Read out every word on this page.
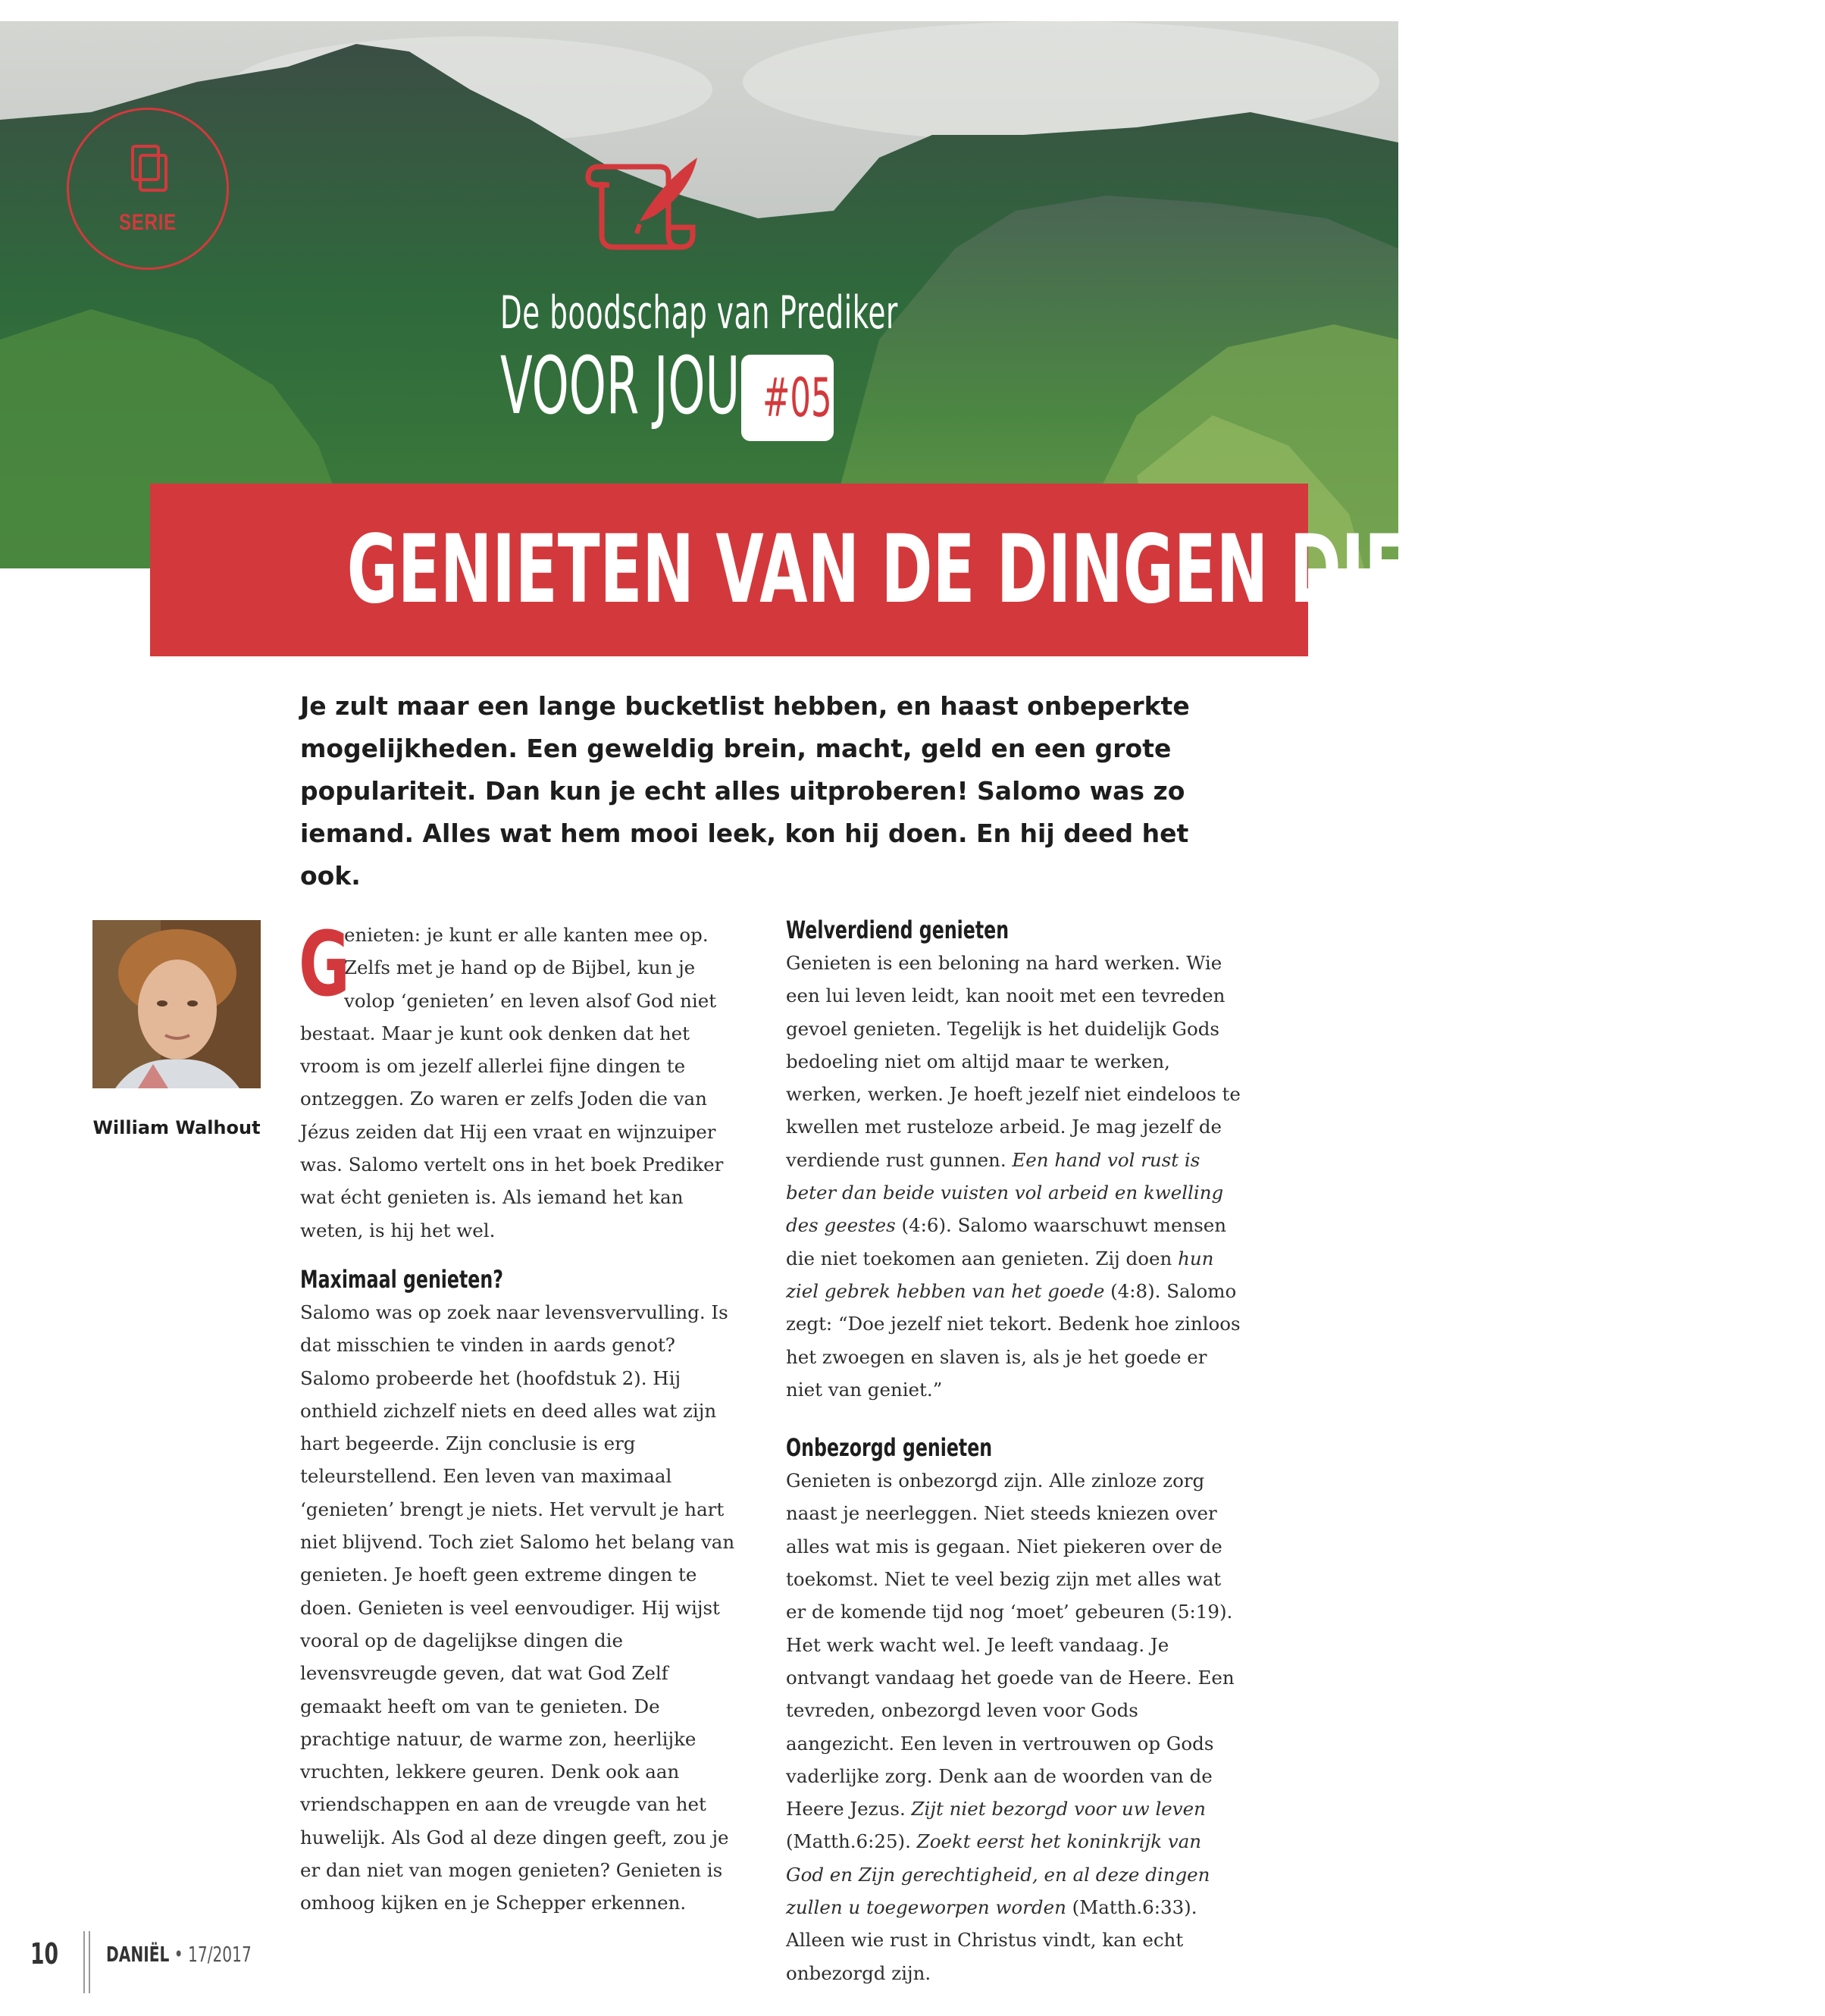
SERIE
De boodschap van Prediker
VOOR JOU #05
GENIETEN VAN DE DINGEN DIE GOD GEEFT
Je zult maar een lange bucketlist hebben, en haast onbeperkte mogelijkheden. Een geweldig brein, macht, geld en een grote populariteit. Dan kun je echt alles uitproberen! Salomo was zo iemand. Alles wat hem mooi leek, kon hij doen. En hij deed het ook.
William Walhout

G
enieten: je kunt er alle kanten mee op. Zelfs met je hand op de Bijbel, kun je volop ‘genieten’ en leven alsof God niet bestaat. Maar je kunt ook denken dat het vroom is om jezelf allerlei fijne dingen te ontzeggen. Zo waren er zelfs Joden die van Jézus zeiden dat Hij een vraat en wijnzuiper was. Salomo vertelt ons in het boek Prediker wat écht genieten is. Als iemand het kan weten, is hij het wel.

Maximaal genieten?

Salomo was op zoek naar levensvervulling. Is dat misschien te vinden in aards genot? Salomo probeerde het (hoofdstuk 2). Hij onthield zichzelf niets en deed alles wat zijn hart begeerde. Zijn conclusie is erg teleurstellend. Een leven van maximaal ‘genieten’ brengt je niets. Het vervult je hart niet blijvend. Toch ziet Salomo het belang van genieten. Je hoeft geen extreme dingen te doen. Genieten is veel eenvoudiger. Hij wijst vooral op de dagelijkse dingen die levensvreugde geven, dat wat God Zelf gemaakt heeft om van te genieten. De prachtige natuur, de warme zon, heerlijke vruchten, lekkere geuren. Denk ook aan vriendschappen en aan de vreugde van het huwelijk. Als God al deze dingen geeft, zou je er dan niet van mogen genieten? Genieten is omhoog kijken en je Schepper erkennen.

Welverdiend genieten

Genieten is een beloning na hard werken. Wie een lui leven leidt, kan nooit met een tevreden gevoel genieten. Tegelijk is het duidelijk Gods bedoeling niet om altijd maar te werken, werken, werken. Je hoeft jezelf niet eindeloos te kwellen met rusteloze arbeid. Je mag jezelf de verdiende rust gunnen. Een hand vol rust is beter dan beide vuisten vol arbeid en kwelling des geestes (4:6). Salomo waarschuwt mensen die niet toekomen aan genieten. Zij doen hun ziel gebrek hebben van het goede (4:8). Salomo zegt: “Doe jezelf niet tekort. Bedenk hoe zinloos het zwoegen en slaven is, als je het goede er niet van geniet.”

Onbezorgd genieten

Genieten is onbezorgd zijn. Alle zinloze zorg naast je neerleggen. Niet steeds kniezen over alles wat mis is gegaan. Niet piekeren over de toekomst. Niet te veel bezig zijn met alles wat er de komende tijd nog ‘moet’ gebeuren (5:19). Het werk wacht wel. Je leeft vandaag. Je ontvangt vandaag het goede van de Heere. Een tevreden, onbezorgd leven voor Gods aangezicht. Een leven in vertrouwen op Gods vaderlijke zorg. Denk aan de woorden van de Heere Jezus. Zijt niet bezorgd voor uw leven (Matth.6:25). Zoekt eerst het koninkrijk van God en Zijn gerechtigheid, en al deze dingen zullen u toegeworpen worden (Matth.6:33). Alleen wie rust in Christus vindt, kan echt onbezorgd zijn.

10 DANIËL • 17/2017
